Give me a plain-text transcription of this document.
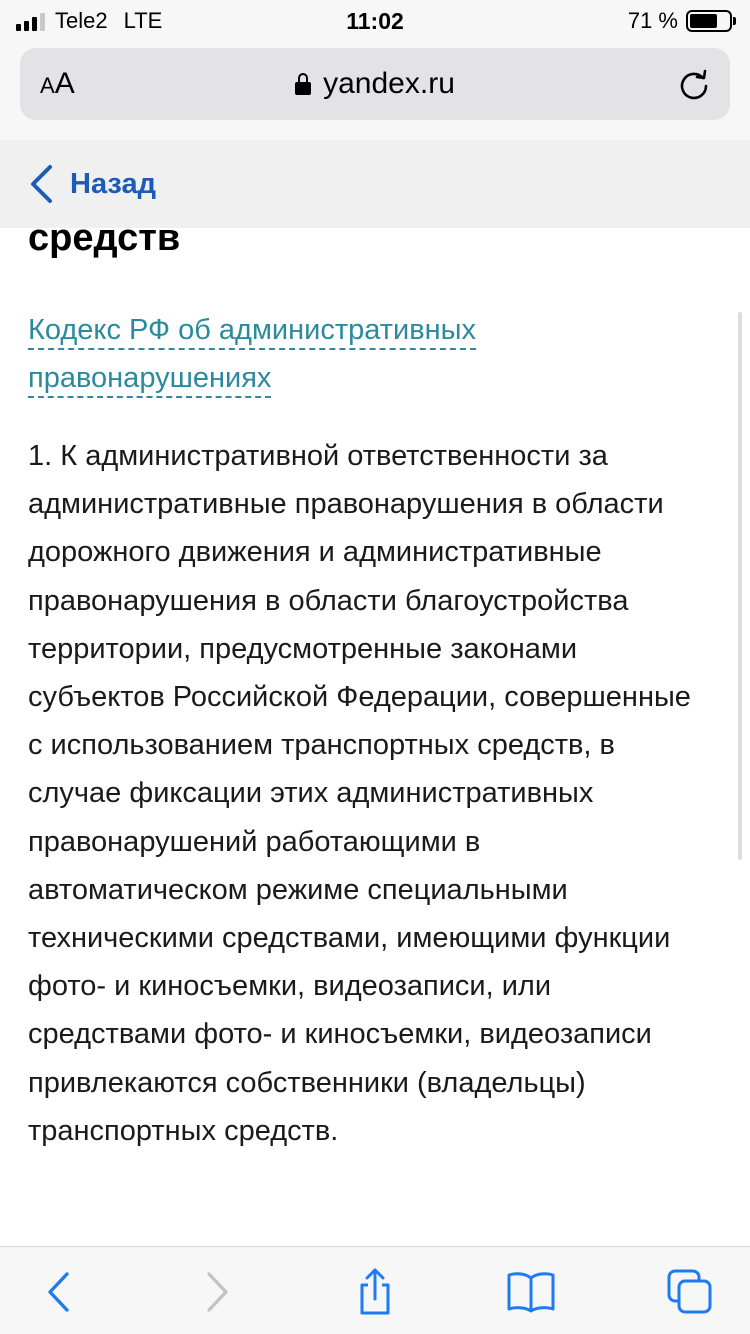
Tele2 LTE	11:02	71 %
AA	yandex.ru
Назад
средств
Кодекс РФ об административных
правонарушениях
1. К административной ответственности за административные правонарушения в области дорожного движения и административные правонарушения в области благоустройства территории, предусмотренные законами субъектов Российской Федерации, совершенные с использованием транспортных средств, в случае фиксации этих административных правонарушений работающими в автоматическом режиме специальными техническими средствами, имеющими функции фото- и киносъемки, видеозаписи, или средствами фото- и киносъемки, видеозаписи привлекаются собственники (владельцы) транспортных средств.
